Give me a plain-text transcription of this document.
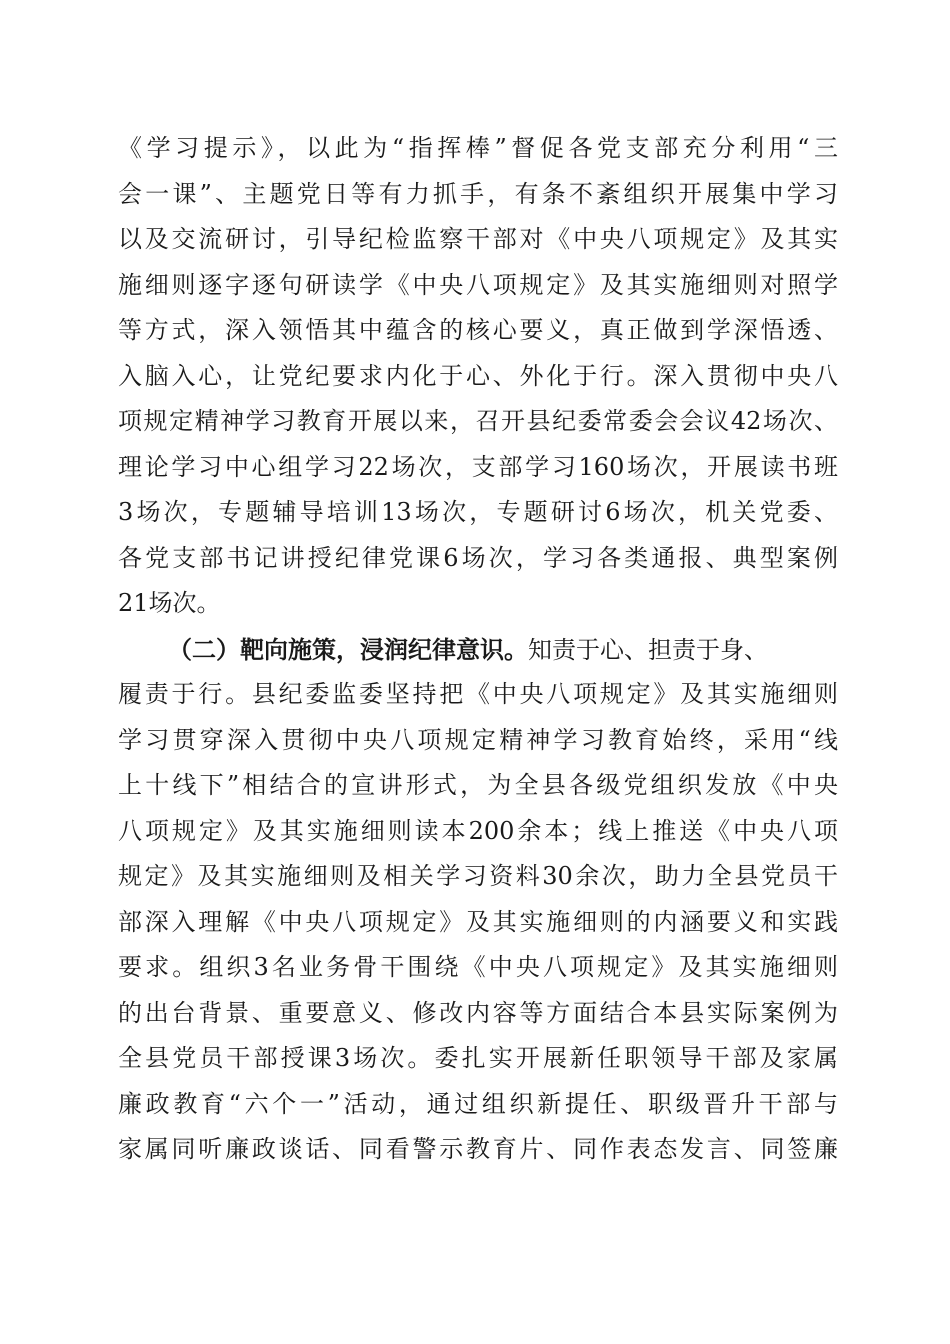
《学习提示》，以此为“指挥棒”督促各党支部充分利用“三
会一课”、主题党日等有力抓手，有条不紊组织开展集中学习
以及交流研讨，引导纪检监察干部对《中央八项规定》及其实
施细则逐字逐句研读学《中央八项规定》及其实施细则对照学
等方式，深入领悟其中蕴含的核心要义，真正做到学深悟透、
入脑入心，让党纪要求内化于心、外化于行。深入贯彻中央八
项规定精神学习教育开展以来，召开县纪委常委会会议42场次、
理论学习中心组学习22场次，支部学习160场次，开展读书班
3场次，专题辅导培训13场次，专题研讨6场次，机关党委、
各党支部书记讲授纪律党课6场次，学习各类通报、典型案例
21场次。
（二）靶向施策，浸润纪律意识。知责于心、担责于身、
履责于行。县纪委监委坚持把《中央八项规定》及其实施细则
学习贯穿深入贯彻中央八项规定精神学习教育始终，采用“线
上十线下”相结合的宣讲形式，为全县各级党组织发放《中央
八项规定》及其实施细则读本200余本；线上推送《中央八项
规定》及其实施细则及相关学习资料30余次，助力全县党员干
部深入理解《中央八项规定》及其实施细则的内涵要义和实践
要求。组织3名业务骨干围绕《中央八项规定》及其实施细则
的出台背景、重要意义、修改内容等方面结合本县实际案例为
全县党员干部授课3场次。委扎实开展新任职领导干部及家属
廉政教育“六个一”活动，通过组织新提任、职级晋升干部与
家属同听廉政谈话、同看警示教育片、同作表态发言、同签廉
